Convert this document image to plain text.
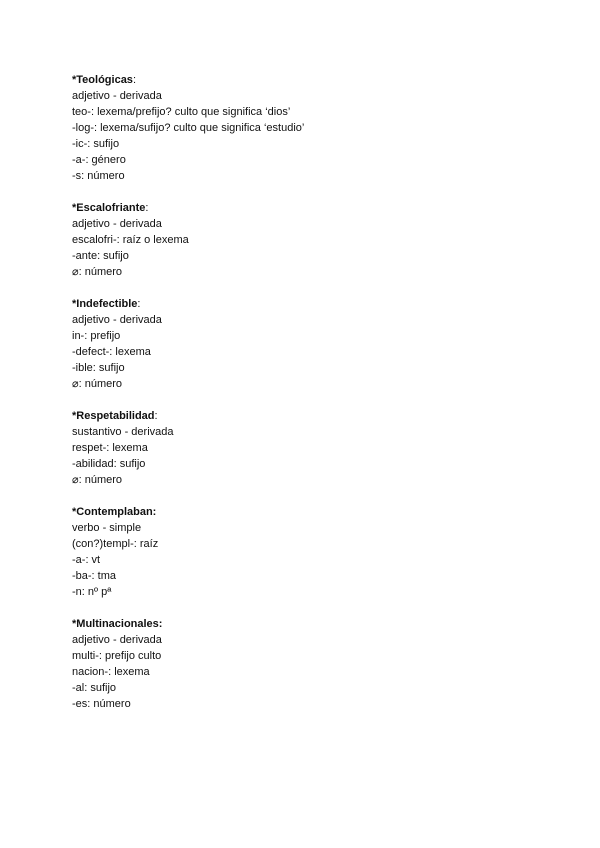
*Teológicas:
adjetivo - derivada
teo-: lexema/prefijo? culto que significa ‘dios’
-log-: lexema/sufijo? culto que significa ‘estudio’
-ic-: sufijo
-a-: género
-s: número
*Escalofriante:
adjetivo - derivada
escalofri-: raíz o lexema
-ante: sufijo
⌀: número
*Indefectible:
adjetivo - derivada
in-: prefijo
-defect-: lexema
-ible: sufijo
⌀: número
*Respetabilidad:
sustantivo - derivada
respet-: lexema
-abilidad: sufijo
⌀: número
*Contemplaban:
verbo - simple
(con?)templ-: raíz
-a-: vt
-ba-: tma
-n: nº pª
*Multinacionales:
adjetivo - derivada
multi-: prefijo culto
nacion-: lexema
-al: sufijo
-es: número
